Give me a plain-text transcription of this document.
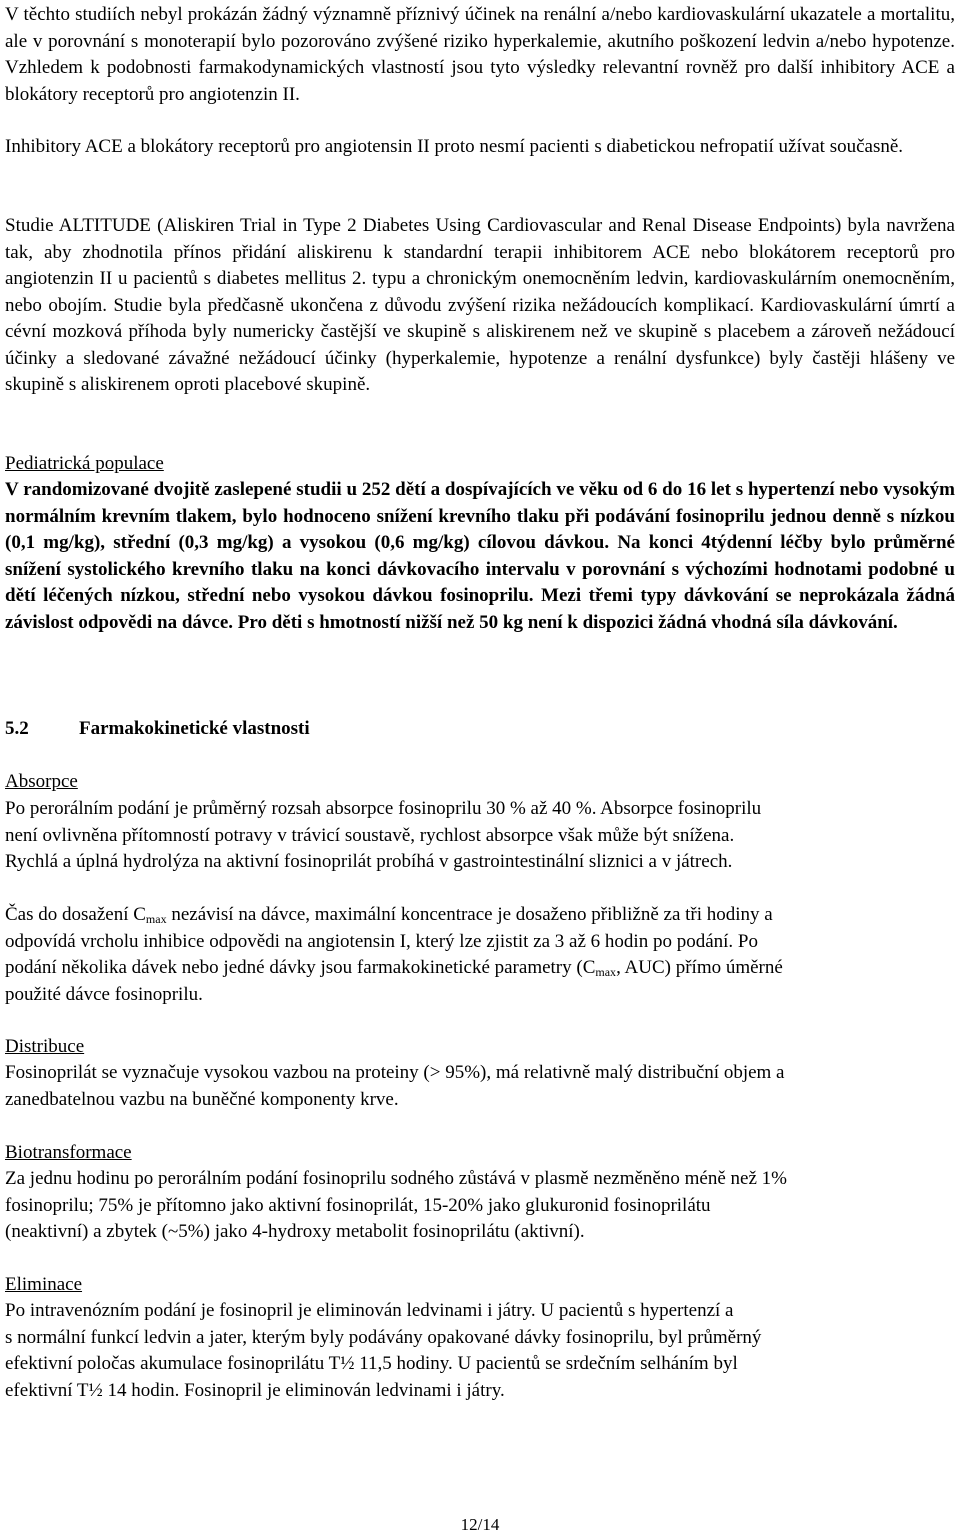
V těchto studiích nebyl prokázán žádný významně příznivý účinek na renální a/nebo kardiovaskulární ukazatele a mortalitu, ale v porovnání s monoterapií bylo pozorováno zvýšené riziko hyperkalemie, akutního poškození ledvin a/nebo hypotenze. Vzhledem k podobnosti farmakodynamických vlastností jsou tyto výsledky relevantní rovněž pro další inhibitory ACE a blokátory receptorů pro angiotenzin II.

Inhibitory ACE a blokátory receptorů pro angiotensin II proto nesmí pacienti s diabetickou nefropatií užívat současně.

Studie ALTITUDE (Aliskiren Trial in Type 2 Diabetes Using Cardiovascular and Renal Disease Endpoints) byla navržena tak, aby zhodnotila přínos přidání aliskirenu k standardní terapii inhibitorem ACE nebo blokátorem receptorů pro angiotenzin II u pacientů s diabetes mellitus 2. typu a chronickým onemocněním ledvin, kardiovaskulárním onemocněním, nebo obojím. Studie byla předčasně ukončena z důvodu zvýšení rizika nežádoucích komplikací. Kardiovaskulární úmrtí a cévní mozková příhoda byly numericky častější ve skupině s aliskirenem než ve skupině s placebem a zároveň nežádoucí účinky a sledované závažné nežádoucí účinky (hyperkalemie, hypotenze a renální dysfunkce) byly častěji hlášeny ve skupině s aliskirenem oproti placebové skupině.

Pediatrická populace

V randomizované dvojitě zaslepené studii u 252 dětí a dospívajících ve věku od 6 do 16 let s hypertenzí nebo vysokým normálním krevním tlakem, bylo hodnoceno snížení krevního tlaku při podávání fosinoprilu jednou denně s nízkou (0,1 mg/kg), střední (0,3 mg/kg) a vysokou (0,6 mg/kg) cílovou dávkou. Na konci 4týdenní léčby bylo průměrné snížení systolického krevního tlaku na konci dávkovacího intervalu v porovnání s výchozími hodnotami podobné u dětí léčených nízkou, střední nebo vysokou dávkou fosinoprilu. Mezi třemi typy dávkování se neprokázala žádná závislost odpovědi na dávce. Pro děti s hmotností nižší než 50 kg není k dispozici žádná vhodná síla dávkování.

5.2	Farmakokinetické vlastnosti

Absorpce

Po perorálním podání je průměrný rozsah absorpce fosinoprilu 30 % až 40 %. Absorpce fosinoprilu
není ovlivněna přítomností potravy v trávicí soustavě, rychlost absorpce však může být snížena.
Rychlá a úplná hydrolýza na aktivní fosinoprilát probíhá v gastrointestinální sliznici a v játrech.
Čas do dosažení $C_{max}$ nezávisí na dávce, maximální koncentrace je dosaženo přibližně za tři hodiny a
odpovídá vrcholu inhibice odpovědi na angiotensin I, který lze zjistit za 3 až 6 hodin po podání. Po
podání několika dávek nebo jedné dávky jsou farmakokinetické parametry ($C_{max}$, AUC) přímo úměrné
použité dávce fosinoprilu.

Distribuce

Fosinoprilát se vyznačuje vysokou vazbou na proteiny (> 95%), má relativně malý distribuční objem a
zanedbatelnou vazbu na buněčné komponenty krve.

Biotransformace

Za jednu hodinu po perorálním podání fosinoprilu sodného zůstává v plasmě nezměněno méně než 1%
fosinoprilu; 75% je přítomno jako aktivní fosinoprilát, 15-20% jako glukuronid fosinoprilátu
(neaktivní) a zbytek (~5%) jako 4-hydroxy metabolit fosinoprilátu (aktivní).

Eliminace

Po intravenózním podání je fosinopril je eliminován ledvinami i játry. U pacientů s hypertenzí a
s normální funkcí ledvin a jater, kterým byly podávány opakované dávky fosinoprilu, byl průměrný
efektivní poločas akumulace fosinoprilátu T½ 11,5 hodiny. U pacientů se srdečním selháním byl
efektivní T½ 14 hodin. Fosinopril je eliminován ledvinami i játry.
12/14
